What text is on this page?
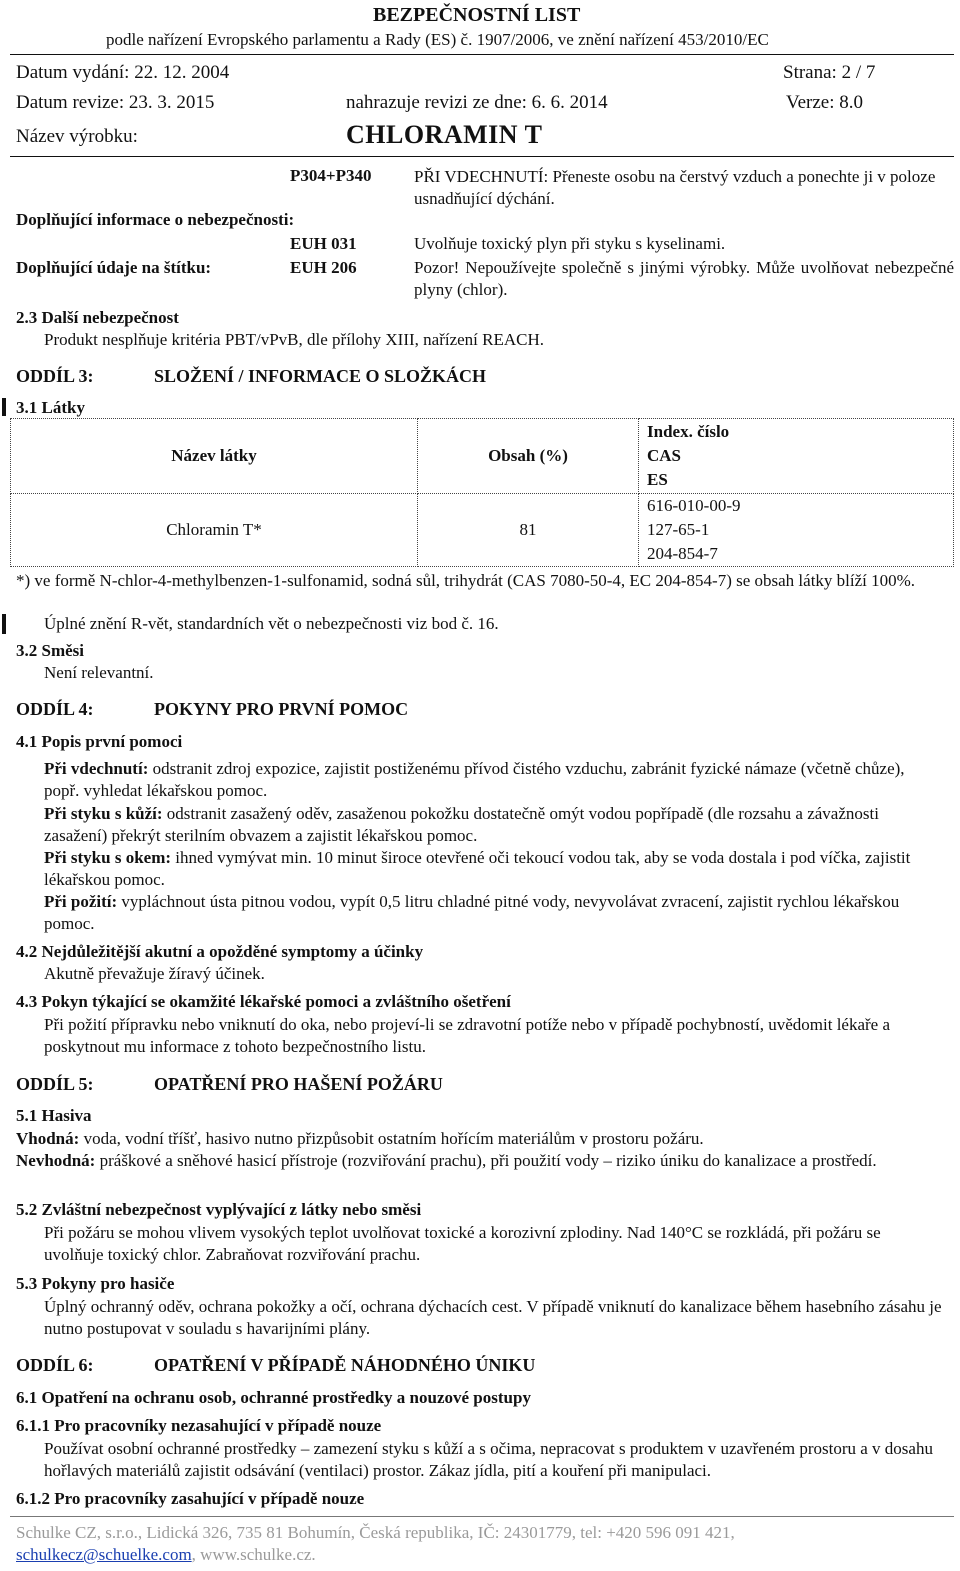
BEZPEČNOSTNÍ LIST
podle nařízení Evropského parlamentu a Rady (ES) č. 1907/2006, ve znění nařízení 453/2010/EC
Datum vydání: 22. 12. 2004	Strana: 2 / 7
Datum revize: 23. 3. 2015	nahrazuje revizi ze dne: 6. 6. 2014	Verze: 8.0
Název výrobku:	CHLORAMIN T
P304+P340	PŘI VDECHNUTÍ: Přeneste osobu na čerstvý vzduch a ponechte ji v poloze usnadňující dýchání.
Doplňující informace o nebezpečnosti:
EUH 031	Uvolňuje toxický plyn při styku s kyselinami.
Doplňující údaje na štítku:	EUH 206	Pozor! Nepoužívejte společně s jinými výrobky. Může uvolňovat nebezpečné plyny (chlor).
2.3 Další nebezpečnost
Produkt nesplňuje kritéria PBT/vPvB, dle přílohy XIII, nařízení REACH.
ODDÍL 3:	SLOŽENÍ / INFORMACE O SLOŽKÁCH
3.1 Látky
Název látky	Obsah (%)	Index. číslo
CAS
ES

Chloramin T*	81	616-010-00-9
127-65-1
204-854-7
*) ve formě N-chlor-4-methylbenzen-1-sulfonamid, sodná sůl, trihydrát (CAS 7080-50-4, EC 204-854-7) se obsah látky blíží 100%.
Úplné znění R-vět, standardních vět o nebezpečnosti viz bod č. 16.
3.2 Směsi
Není relevantní.
ODDÍL 4:	POKYNY PRO PRVNÍ POMOC
4.1 Popis první pomoci
Při vdechnutí: odstranit zdroj expozice, zajistit postiženému přívod čistého vzduchu, zabránit fyzické námaze (včetně chůze), popř. vyhledat lékařskou pomoc.
Při styku s kůží: odstranit zasažený oděv, zasaženou pokožku dostatečně omýt vodou popřípadě (dle rozsahu a závažnosti zasažení) překrýt sterilním obvazem a zajistit lékařskou pomoc.
Při styku s okem: ihned vymývat min. 10 minut široce otevřené oči tekoucí vodou tak, aby se voda dostala i pod víčka, zajistit lékařskou pomoc.
Při požití: vypláchnout ústa pitnou vodou, vypít 0,5 litru chladné pitné vody, nevyvolávat zvracení, zajistit rychlou lékařskou pomoc.
4.2 Nejdůležitější akutní a opožděné symptomy a účinky
Akutně převažuje žíravý účinek.
4.3 Pokyn týkající se okamžité lékařské pomoci a zvláštního ošetření
Při požití přípravku nebo vniknutí do oka, nebo projeví-li se zdravotní potíže nebo v případě pochybností, uvědomit lékaře a poskytnout mu informace z tohoto bezpečnostního listu.
ODDÍL 5:	OPATŘENÍ PRO HAŠENÍ POŽÁRU
5.1 Hasiva
Vhodná: voda, vodní tříšť, hasivo nutno přizpůsobit ostatním hořícím materiálům v prostoru požáru.
Nevhodná: práškové a sněhové hasicí přístroje (rozviřování prachu), při použití vody – riziko úniku do kanalizace a prostředí.
5.2 Zvláštní nebezpečnost vyplývající z látky nebo směsi
Při požáru se mohou vlivem vysokých teplot uvolňovat toxické a korozivní zplodiny. Nad 140°C se rozkládá, při požáru se uvolňuje toxický chlor. Zabraňovat rozviřování prachu.
5.3 Pokyny pro hasiče
Úplný ochranný oděv, ochrana pokožky a očí, ochrana dýchacích cest. V případě vniknutí do kanalizace během hasebního zásahu je nutno postupovat v souladu s havarijními plány.
ODDÍL 6:	OPATŘENÍ V PŘÍPADĚ NÁHODNÉHO ÚNIKU
6.1 Opatření na ochranu osob, ochranné prostředky a nouzové postupy
6.1.1 Pro pracovníky nezasahující v případě nouze
Používat osobní ochranné prostředky – zamezení styku s kůží a s očima, nepracovat s produktem v uzavřeném prostoru a v dosahu hořlavých materiálů zajistit odsávání (ventilaci) prostor. Zákaz jídla, pití a kouření při manipulaci.
6.1.2 Pro pracovníky zasahující v případě nouze
Schulke CZ, s.r.o., Lidická 326, 735 81 Bohumín, Česká republika, IČ: 24301779, tel: +420 596 091 421,
schulkecz@schuelke.com, www.schulke.cz.
